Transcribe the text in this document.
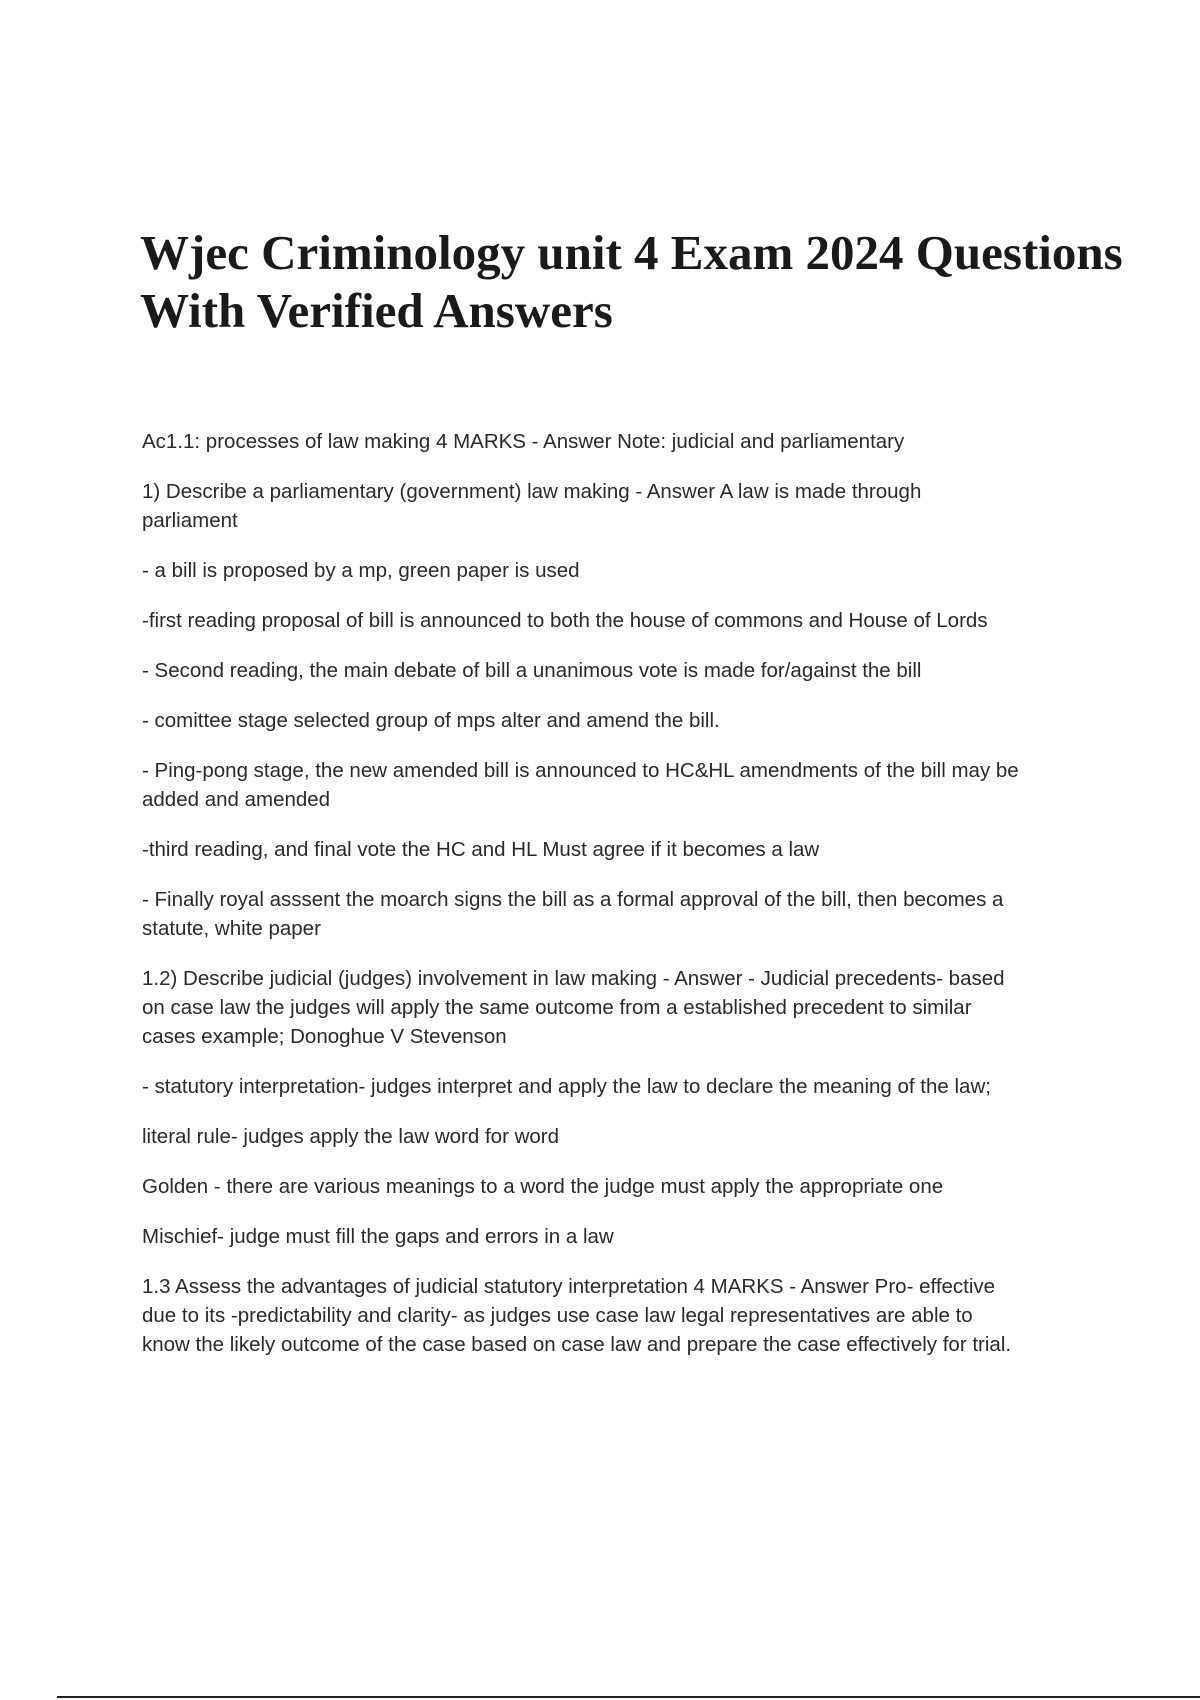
Wjec Criminology unit 4 Exam 2024 Questions
With Verified Answers

Ac1.1: processes of law making 4 MARKS - Answer Note: judicial and parliamentary

1) Describe a parliamentary (government) law making - Answer A law is made through parliament

- a bill is proposed by a mp, green paper is used

-first reading proposal of bill is announced to both the house of commons and House of Lords

- Second reading, the main debate of bill a unanimous vote is made for/against the bill

- comittee stage selected group of mps alter and amend the bill.

- Ping-pong stage, the new amended bill is announced to HC&HL amendments of the bill may be added and amended

-third reading, and final vote the HC and HL Must agree if it becomes a law

- Finally royal asssent the moarch signs the bill as a formal approval of the bill, then becomes a statute, white paper

1.2) Describe judicial (judges) involvement in law making - Answer - Judicial precedents- based on case law the judges will apply the same outcome from a established precedent to similar cases example; Donoghue V Stevenson

- statutory interpretation- judges interpret and apply the law to declare the meaning of the law;

literal rule- judges apply the law word for word

Golden - there are various meanings to a word the judge must apply the appropriate one

Mischief- judge must fill the gaps and errors in a law

1.3 Assess the advantages of judicial statutory interpretation 4 MARKS - Answer Pro- effective due to its -predictability and clarity- as judges use case law legal representatives are able to know the likely outcome of the case based on case law and prepare the case effectively for trial.
